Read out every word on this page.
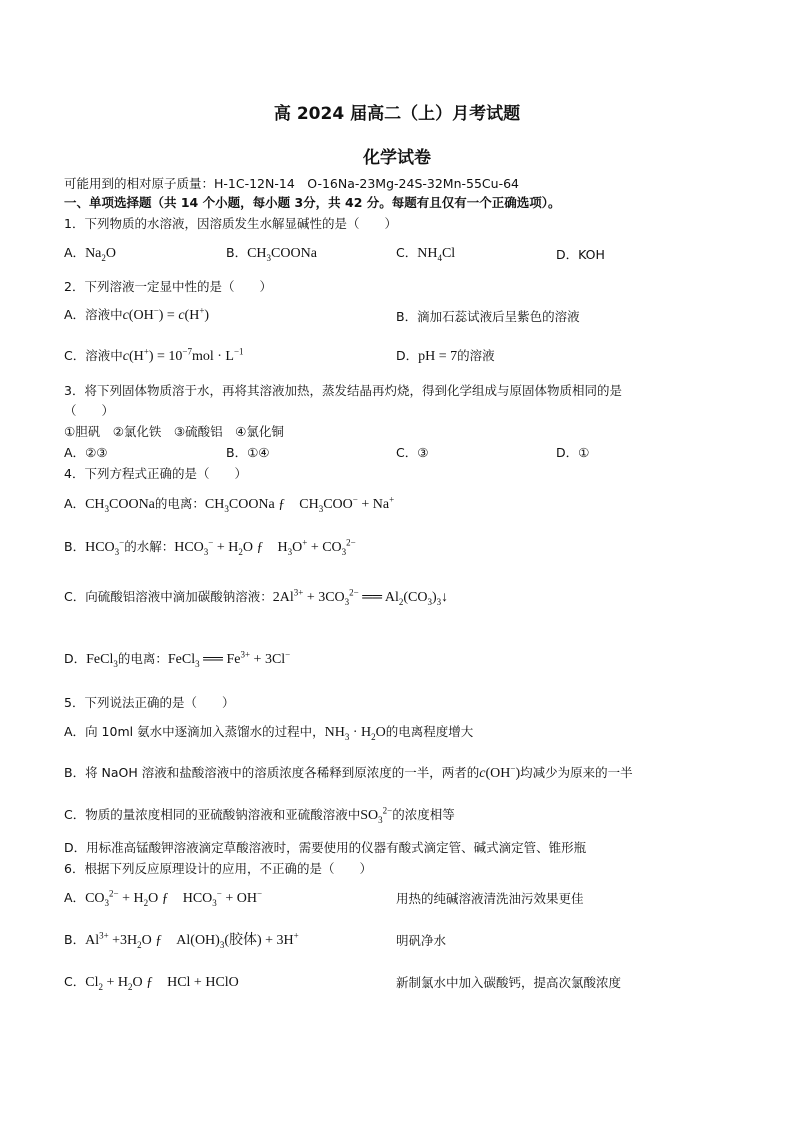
高 2024 届高二（上）月考试题
化学试卷
可能用到的相对原子质量：H-1C-12N-14　O-16Na-23Mg-24S-32Mn-55Cu-64
一、单项选择题（共 14 个小题，每小题 3分，共 42 分。每题有且仅有一个正确选项）。
1．下列物质的水溶液，因溶质发生水解显碱性的是（　　）
A．$Na_2O$	B．$CH_3COONa$	C．$NH_4Cl$	D．KOH
2．下列溶液一定显中性的是（　　）
A．溶液中c(OH−) = c(H+)	B．滴加石蕊试液后呈紫色的溶液
C．溶液中$c(H^+) = 10^{-7}mol \cdot L^{-1}$	D．pH = 7的溶液
3．将下列固体物质溶于水，再将其溶液加热，蒸发结晶再灼烧，得到化学组成与原固体物质相同的是
（　　）
①胆矾　②氯化铁　③硫酸铝　④氯化铜
A．②③	B．①④	C．③	D．①
4．下列方程式正确的是（　　）
A．$CH_3COONa$的电离：$CH_3COONa$ ƒ　$CH_3COO^- + Na^+$
B．$HCO_3^-$的水解：$HCO_3^- + H_2O$ ƒ　$H_3O^+ + CO_3^{2-}$
C．向硫酸铝溶液中滴加碳酸钠溶液：$2Al^{3+} + 3CO_3^{2-}$ ══ $Al_2(CO_3)_3↓$
D．FeCl$_3$的电离：FeCl$_3$ ══ $Fe^{3+} + 3Cl^-$
5．下列说法正确的是（　　）
A．向 10ml 氨水中逐滴加入蒸馏水的过程中，$NH_3 \cdot H_2O$的电离程度增大
B．将 NaOH 溶液和盐酸溶液中的溶质浓度各稀释到原浓度的一半，两者的c(OH−)均减少为原来的一半
C．物质的量浓度相同的亚硫酸钠溶液和亚硫酸溶液中$SO_3^{2-}$的浓度相等
D．用标准高锰酸钾溶液滴定草酸溶液时，需要使用的仪器有酸式滴定管、碱式滴定管、锥形瓶
6．根据下列反应原理设计的应用，不正确的是（　　）
A．$CO_3^{2-} + H_2O$ ƒ　$HCO_3^- + OH^-$	用热的纯碱溶液清洗油污效果更佳
B．$Al^{3+} +3H_2O$ ƒ　$Al(OH)_3$(胶体) + 3H+	明矾净水
C．$Cl_2 + H_2O$ ƒ　HCl + HClO	新制氯水中加入碳酸钙，提高次氯酸浓度
